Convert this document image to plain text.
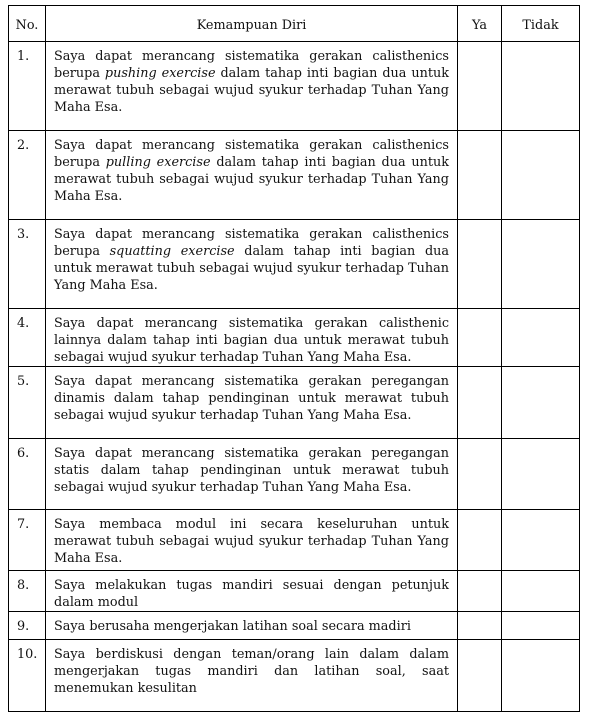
No.	Kemampuan Diri	Ya	Tidak
1.	Saya dapat merancang sistematika gerakan calisthenics berupa pushing exercise dalam tahap inti bagian dua untuk merawat tubuh sebagai wujud syukur terhadap Tuhan Yang Maha Esa.		
2.	Saya dapat merancang sistematika gerakan calisthenics berupa pulling exercise dalam tahap inti bagian dua untuk merawat tubuh sebagai wujud syukur terhadap Tuhan Yang Maha Esa.		
3.	Saya dapat merancang sistematika gerakan calisthenics berupa squatting exercise dalam tahap inti bagian dua untuk merawat tubuh sebagai wujud syukur terhadap Tuhan Yang Maha Esa.		
4.	Saya dapat merancang sistematika gerakan calisthenic lainnya dalam tahap inti bagian dua untuk merawat tubuh sebagai wujud syukur terhadap Tuhan Yang Maha Esa.		
5.	Saya dapat merancang sistematika gerakan peregangan dinamis dalam tahap pendinginan untuk merawat tubuh sebagai wujud syukur terhadap Tuhan Yang Maha Esa.		
6.	Saya dapat merancang sistematika gerakan peregangan statis dalam tahap pendinginan untuk merawat tubuh sebagai wujud syukur terhadap Tuhan Yang Maha Esa.		
7.	Saya membaca modul ini secara keseluruhan untuk merawat tubuh sebagai wujud syukur terhadap Tuhan Yang Maha Esa.		
8.	Saya melakukan tugas mandiri sesuai dengan petunjuk dalam modul		
9.	Saya berusaha mengerjakan latihan soal secara madiri		
10.	Saya berdiskusi dengan teman/orang lain dalam dalam mengerjakan tugas mandiri dan latihan soal, saat menemukan kesulitan		
